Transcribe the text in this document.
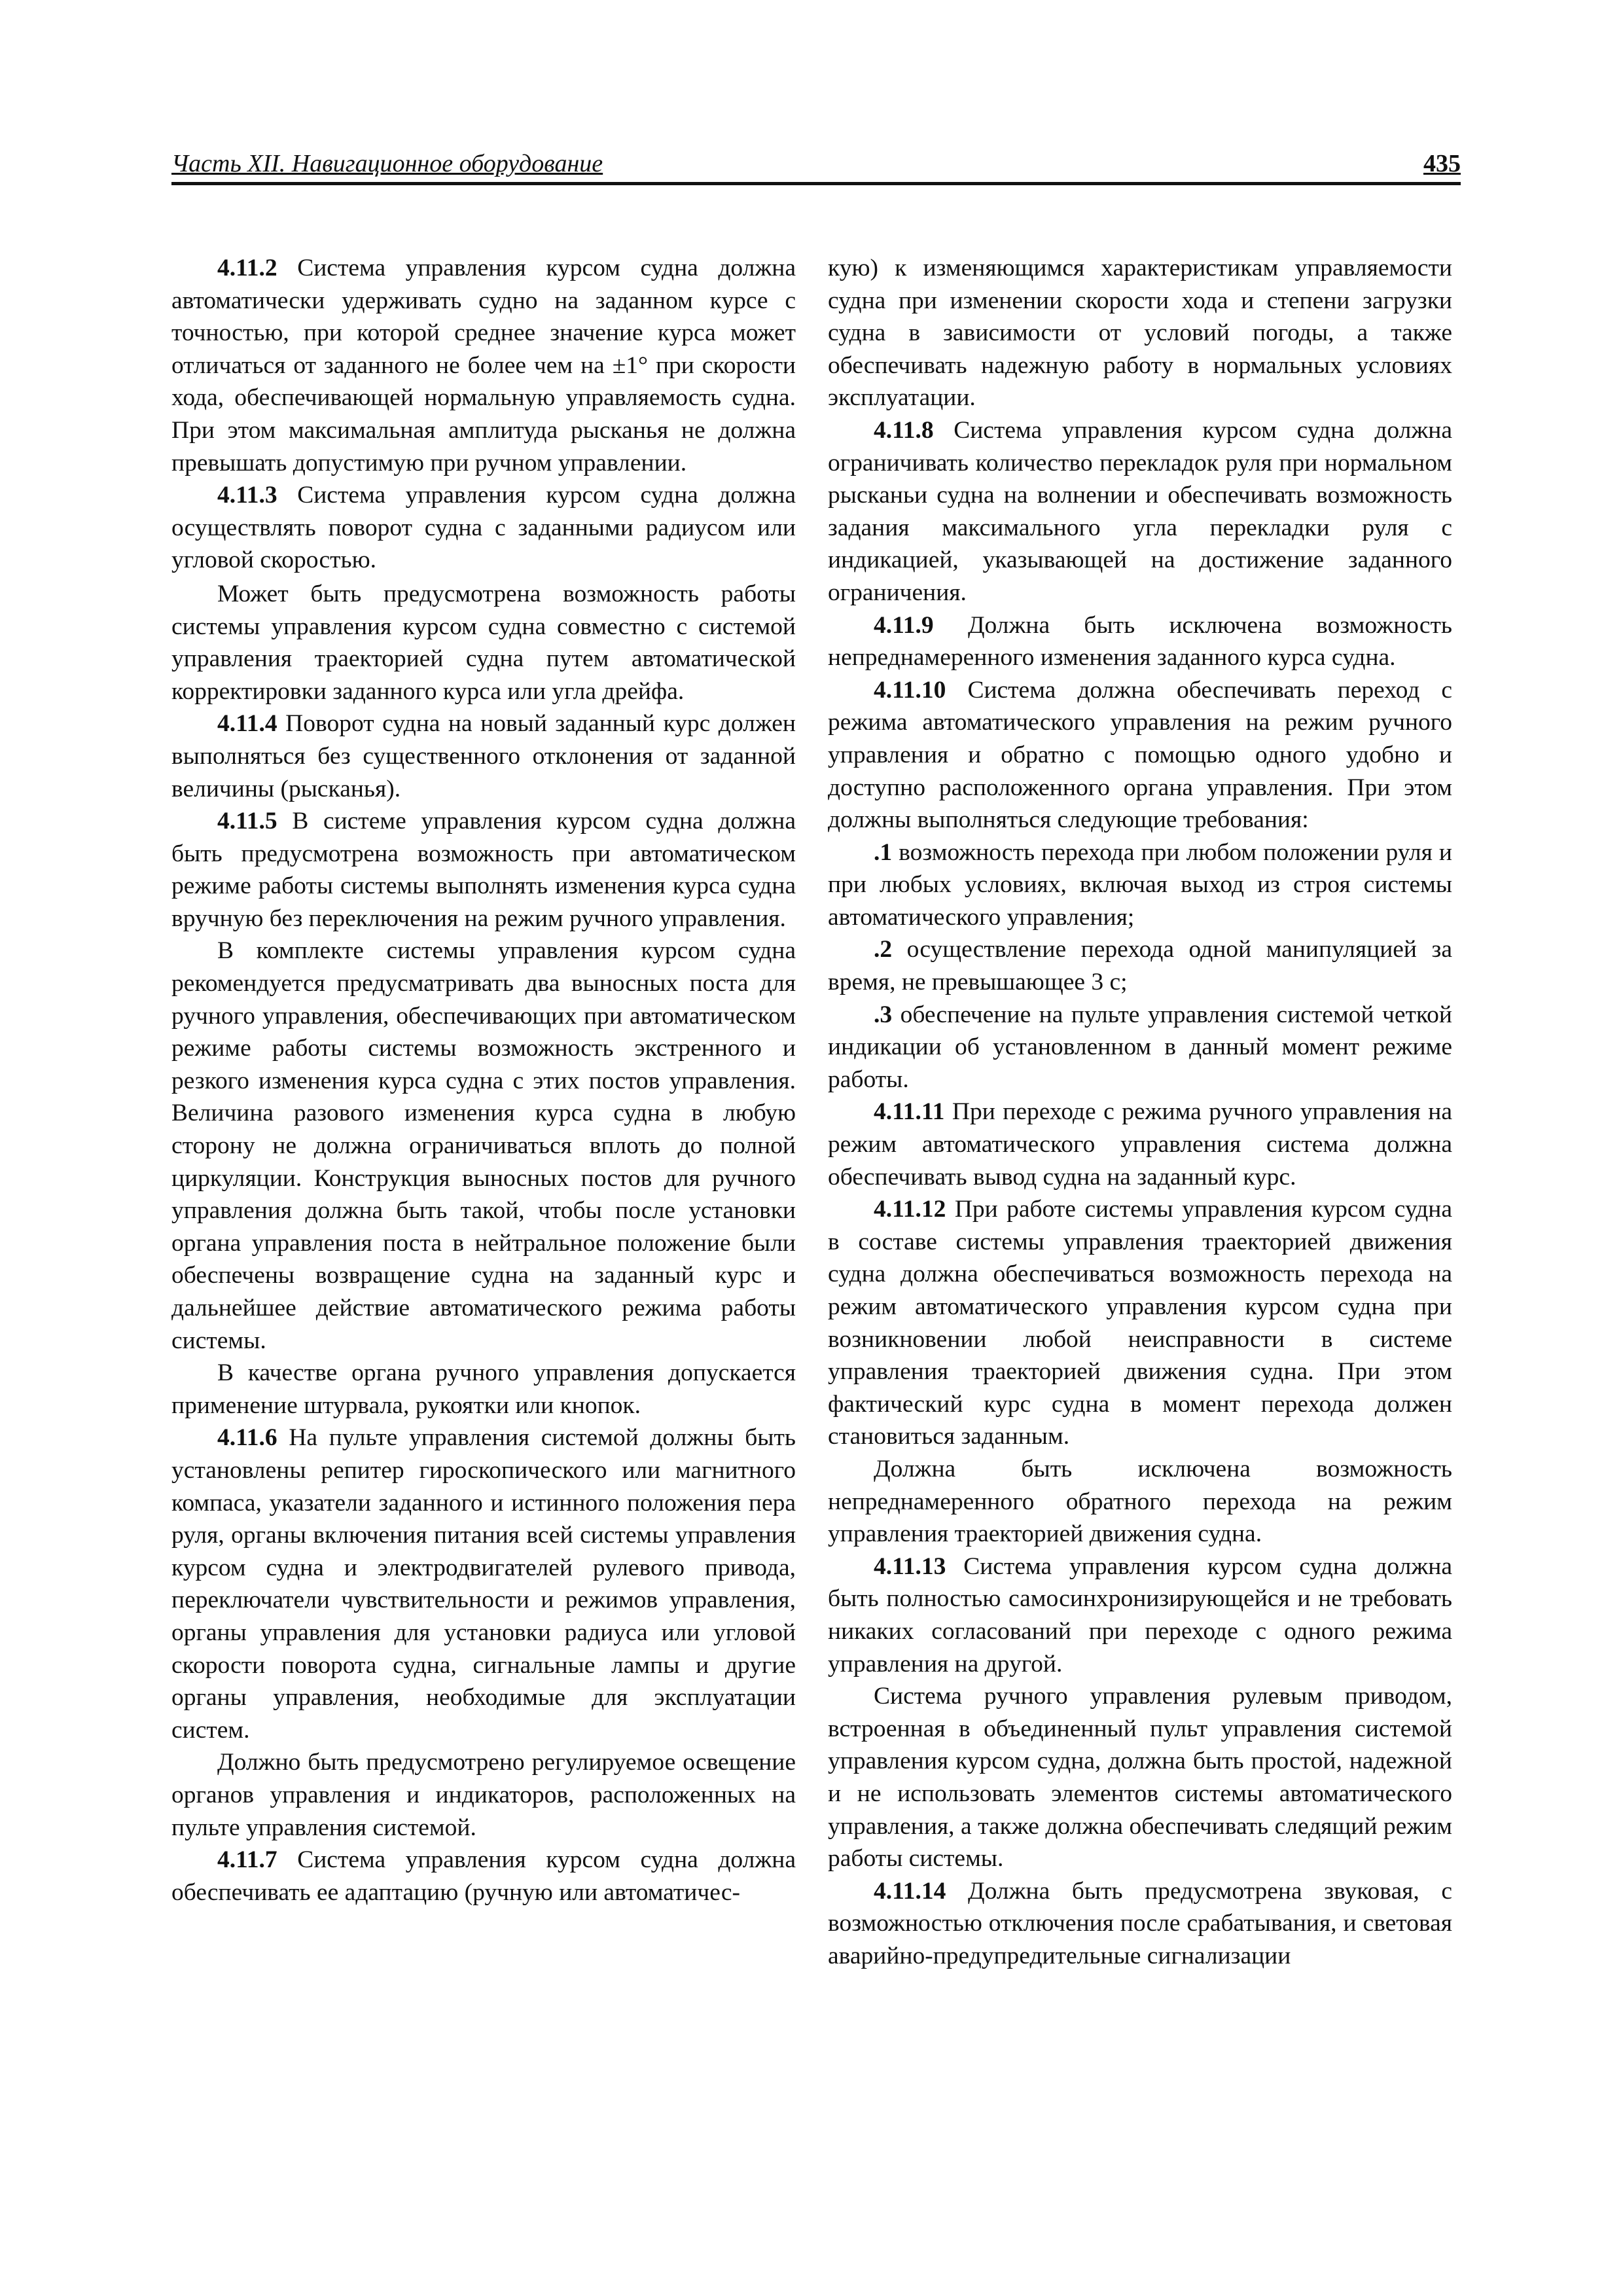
Часть XII. Навигационное оборудование	435

4.11.2 Система управления курсом судна должна автоматически удерживать судно на заданном курсе с точностью, при которой среднее значение курса может отличаться от заданного не более чем на ±1° при скорости хода, обеспечивающей нормальную управляемость судна. При этом максимальная амплитуда рысканья не должна превышать допустимую при ручном управлении.

4.11.3 Система управления курсом судна должна осуществлять поворот судна с заданными радиусом или угловой скоростью.

Может быть предусмотрена возможность работы системы управления курсом судна совместно с системой управления траекторией судна путем автоматической корректировки заданного курса или угла дрейфа.

4.11.4 Поворот судна на новый заданный курс должен выполняться без существенного отклонения от заданной величины (рысканья).

4.11.5 В системе управления курсом судна должна быть предусмотрена возможность при автоматическом режиме работы системы выполнять изменения курса судна вручную без переключения на режим ручного управления.

В комплекте системы управления курсом судна рекомендуется предусматривать два выносных поста для ручного управления, обеспечивающих при автоматическом режиме работы системы возможность экстренного и резкого изменения курса судна с этих постов управления. Величина разового изменения курса судна в любую сторону не должна ограничиваться вплоть до полной циркуляции. Конструкция выносных постов для ручного управления должна быть такой, чтобы после установки органа управления поста в нейтральное положение были обеспечены возвращение судна на заданный курс и дальнейшее действие автоматического режима работы системы.

В качестве органа ручного управления допускается применение штурвала, рукоятки или кнопок.

4.11.6 На пульте управления системой должны быть установлены репитер гироскопического или магнитного компаса, указатели заданного и истинного положения пера руля, органы включения питания всей системы управления курсом судна и электродвигателей рулевого привода, переключатели чувствительности и режимов управления, органы управления для установки радиуса или угловой скорости поворота судна, сигнальные лампы и другие органы управления, необходимые для эксплуатации систем.

Должно быть предусмотрено регулируемое освещение органов управления и индикаторов, расположенных на пульте управления системой.

4.11.7 Система управления курсом судна должна обеспечивать ее адаптацию (ручную или автоматичес-

кую) к изменяющимся характеристикам управляемости судна при изменении скорости хода и степени загрузки судна в зависимости от условий погоды, а также обеспечивать надежную работу в нормальных условиях эксплуатации.

4.11.8 Система управления курсом судна должна ограничивать количество перекладок руля при нормальном рысканьи судна на волнении и обеспечивать возможность задания максимального угла перекладки руля с индикацией, указывающей на достижение заданного ограничения.

4.11.9 Должна быть исключена возможность непреднамеренного изменения заданного курса судна.

4.11.10 Система должна обеспечивать переход с режима автоматического управления на режим ручного управления и обратно с помощью одного удобно и доступно расположенного органа управления. При этом должны выполняться следующие требования:

.1 возможность перехода при любом положении руля и при любых условиях, включая выход из строя системы автоматического управления;

.2 осуществление перехода одной манипуляцией за время, не превышающее 3 с;

.3 обеспечение на пульте управления системой четкой индикации об установленном в данный момент режиме работы.

4.11.11 При переходе с режима ручного управления на режим автоматического управления система должна обеспечивать вывод судна на заданный курс.

4.11.12 При работе системы управления курсом судна в составе системы управления траекторией движения судна должна обеспечиваться возможность перехода на режим автоматического управления курсом судна при возникновении любой неисправности в системе управления траекторией движения судна. При этом фактический курс судна в момент перехода должен становиться заданным.

Должна быть исключена возможность непреднамеренного обратного перехода на режим управления траекторией движения судна.

4.11.13 Система управления курсом судна должна быть полностью самосинхронизирующейся и не требовать никаких согласований при переходе с одного режима управления на другой.

Система ручного управления рулевым приводом, встроенная в объединенный пульт управления системой управления курсом судна, должна быть простой, надежной и не использовать элементов системы автоматического управления, а также должна обеспечивать следящий режим работы системы.

4.11.14 Должна быть предусмотрена звуковая, с возможностью отключения после срабатывания, и световая аварийно-предупредительные сигнализации
